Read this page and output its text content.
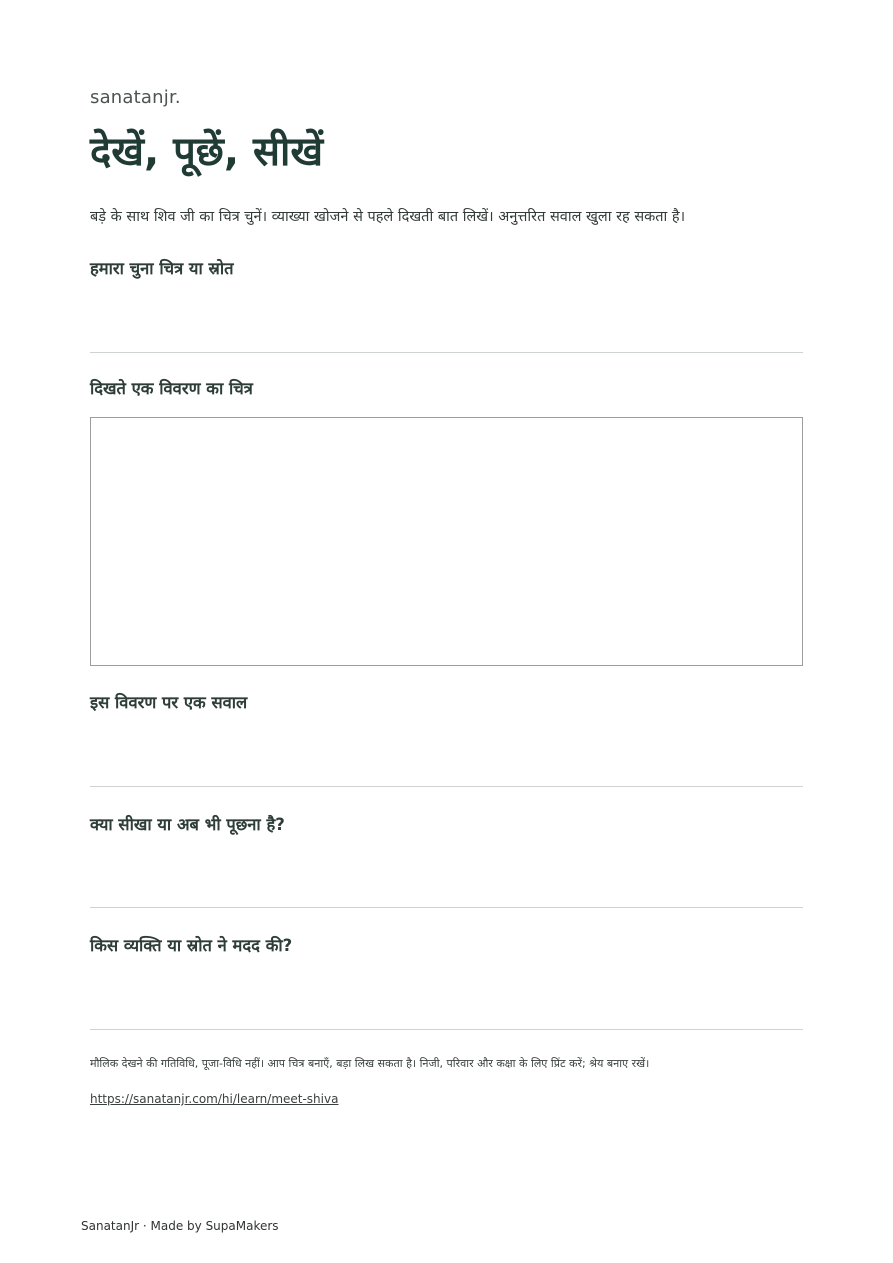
sanatanjr.
देखें, पूछें, सीखें
बड़े के साथ शिव जी का चित्र चुनें। व्याख्या खोजने से पहले दिखती बात लिखें। अनुत्तरित सवाल खुला रह सकता है।
हमारा चुना चित्र या स्रोत
दिखते एक विवरण का चित्र
इस विवरण पर एक सवाल
क्या सीखा या अब भी पूछना है?
किस व्यक्ति या स्रोत ने मदद की?
मौलिक देखने की गतिविधि, पूजा-विधि नहीं। आप चित्र बनाएँ, बड़ा लिख सकता है। निजी, परिवार और कक्षा के लिए प्रिंट करें; श्रेय बनाए रखें।
https://sanatanjr.com/hi/learn/meet-shiva
SanatanJr · Made by SupaMakers
